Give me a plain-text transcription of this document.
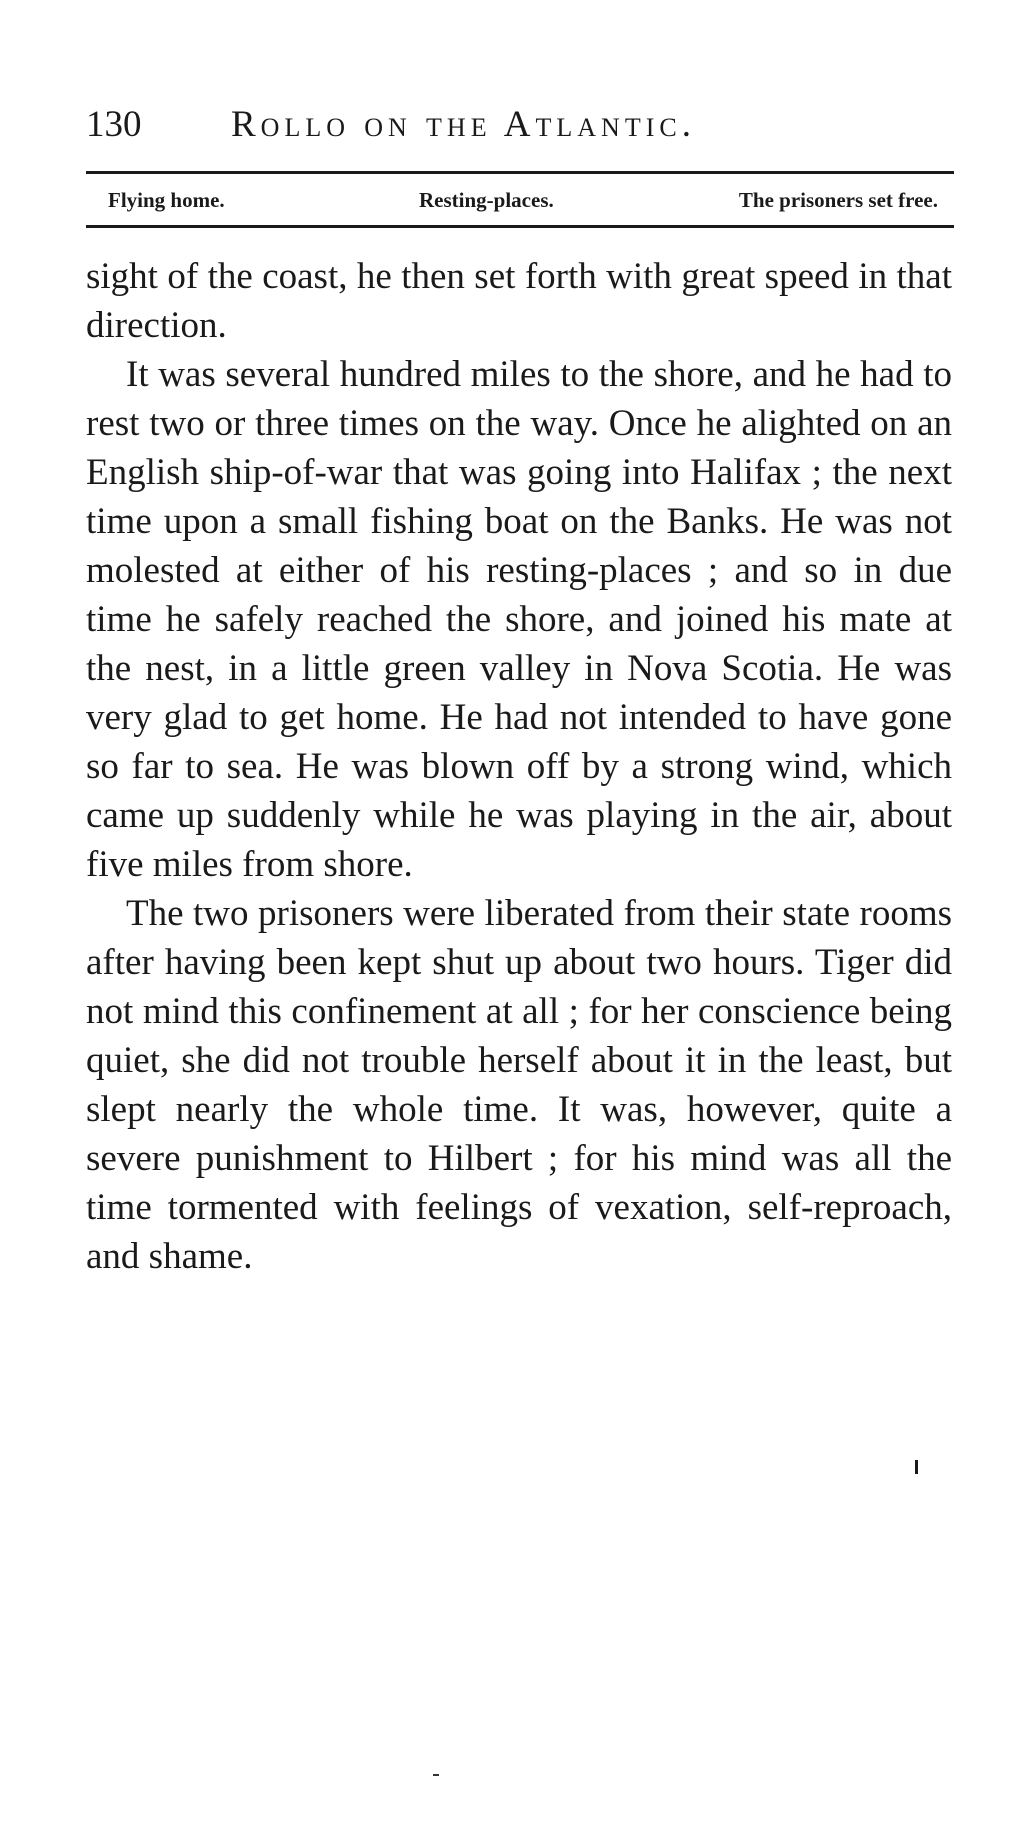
130 Rollo on the Atlantic.
Flying home.	Resting-places.	The prisoners set free.

sight of the coast, he then set forth with great speed in that direction.

It was several hundred miles to the shore, and he had to rest two or three times on the way. Once he alighted on an English ship-of-war that was going into Halifax ; the next time upon a small fishing boat on the Banks. He was not molested at either of his resting-places ; and so in due time he safely reached the shore, and joined his mate at the nest, in a little green valley in Nova Scotia. He was very glad to get home. He had not intended to have gone so far to sea. He was blown off by a strong wind, which came up suddenly while he was playing in the air, about five miles from shore.

The two prisoners were liberated from their state rooms after having been kept shut up about two hours. Tiger did not mind this confinement at all ; for her conscience being quiet, she did not trouble herself about it in the least, but slept nearly the whole time. It was, however, quite a severe punishment to Hilbert ; for his mind was all the time tormented with feelings of vexation, self-reproach, and shame.
